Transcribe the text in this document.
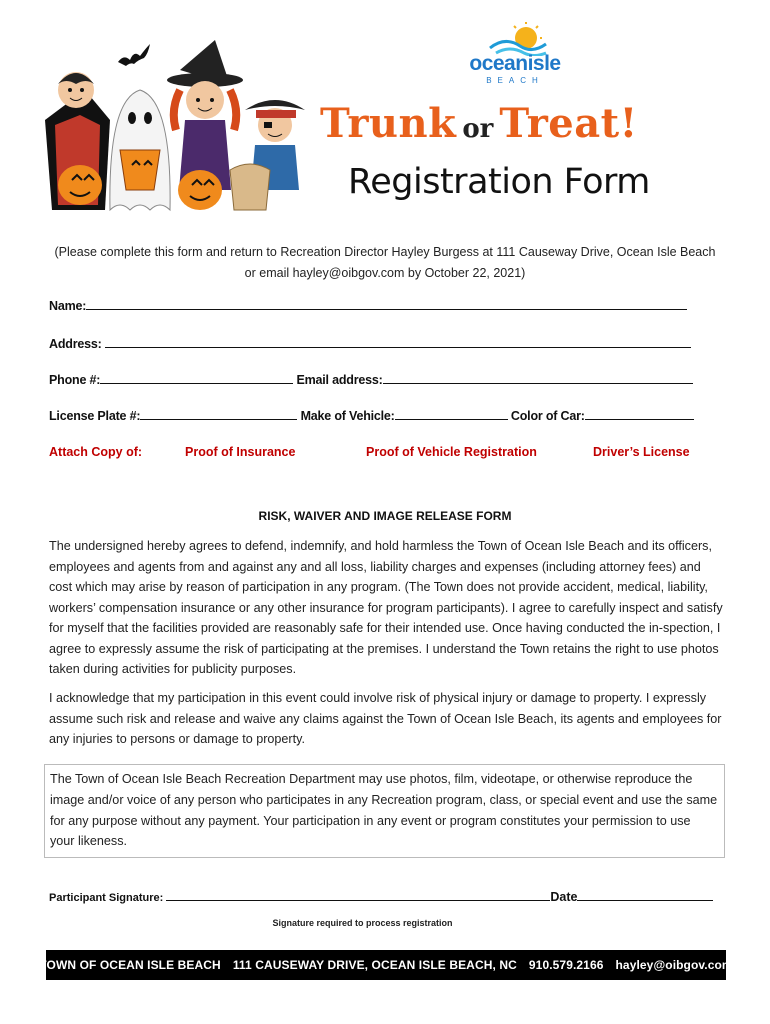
oceanisle
BEACH
Trunk or Treat!
Registration Form
(Please complete this form and return to Recreation Director Hayley Burgess at 111 Causeway Drive, Ocean Isle Beach
or email hayley@oibgov.com by October 22, 2021)
Name:
Address:
Phone #:	Email address:
License Plate #:	Make of Vehicle:	Color of Car:
Attach Copy of:	Proof of Insurance	Proof of Vehicle Registration	Driver’s License
RISK, WAIVER AND IMAGE RELEASE FORM

The undersigned hereby agrees to defend, indemnify, and hold harmless the Town of Ocean Isle Beach and its officers, employees and agents from and against any and all loss, liability charges and expenses (including attorney fees) and cost which may arise by reason of participation in any program. (The Town does not provide accident, medical, liability, workers’ compensation insurance or any other insurance for program participants). I agree to carefully inspect and satisfy for myself that the facilities provided are reasonably safe for their intended use. Once having conducted the in-spection, I agree to expressly assume the risk of participating at the premises. I understand the Town retains the right to use photos taken during activities for publicity purposes.

I acknowledge that my participation in this event could involve risk of physical injury or damage to property. I expressly assume such risk and release and waive any claims against the Town of Ocean Isle Beach, its agents and employees for any injuries to persons or damage to property.

The Town of Ocean Isle Beach Recreation Department may use photos, film, videotape, or otherwise reproduce the image and/or voice of any person who participates in any Recreation program, class, or special event and use the same for any purpose without any payment. Your participation in any event or program constitutes your permission to use your likeness.
Participant Signature:	Date
Signature required to process registration
TOWN OF OCEAN ISLE BEACH 111 CAUSEWAY DRIVE, OCEAN ISLE BEACH, NC 910.579.2166 hayley@oibgov.com
